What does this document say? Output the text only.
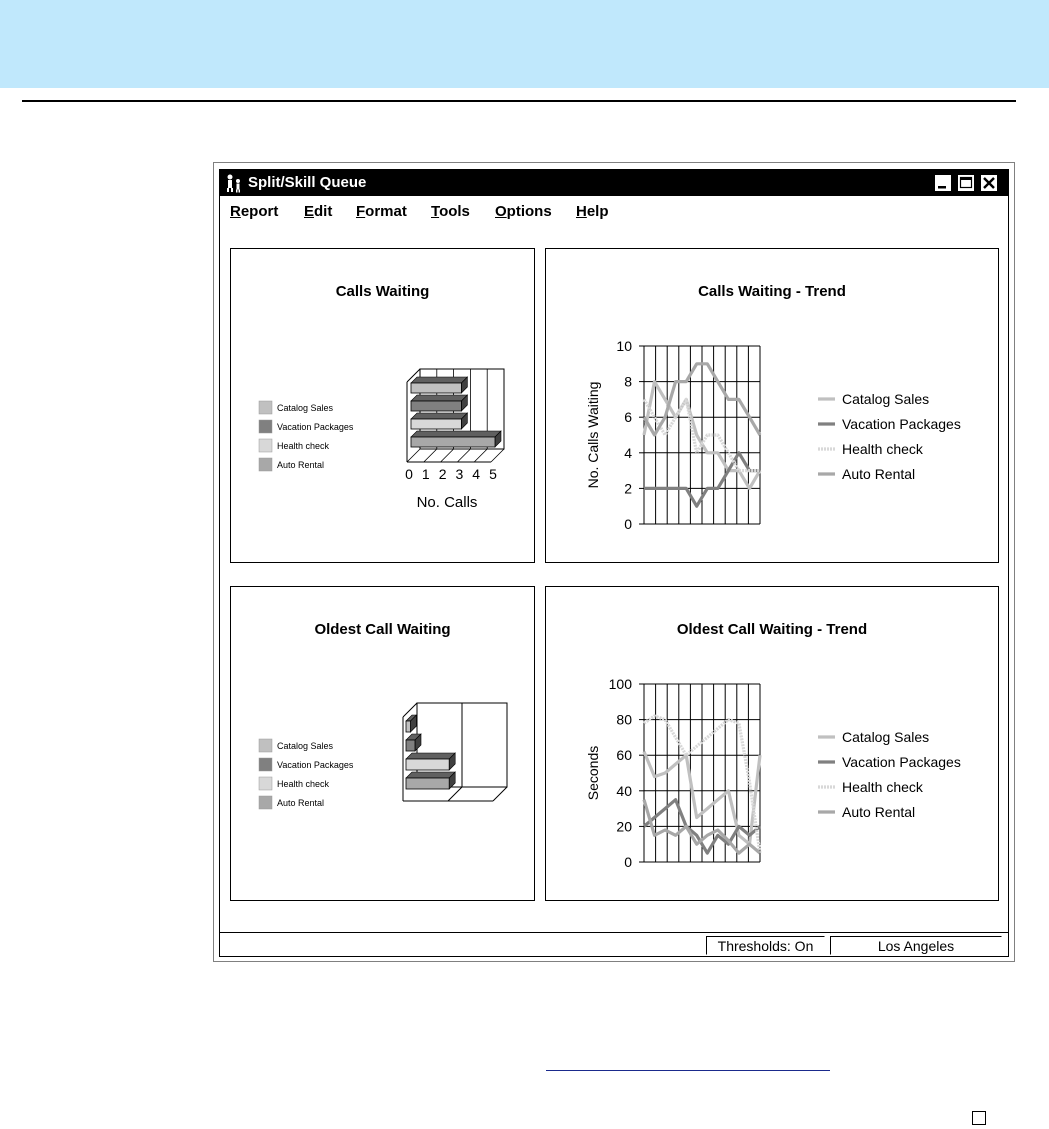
Split/Skill Queue
Report Edit Format Tools Options Help
Calls Waiting
Catalog Sales
Vacation Packages
Health check
Auto Rental
0 1 2 3 4 5
No. Calls
Calls Waiting - Trend
10
8
6
4
2
0
No. Calls Waiting	Catalog Sales
Vacation Packages
Health check
Auto Rental
Oldest Call Waiting
Catalog Sales
Vacation Packages
Health check
Auto Rental
Oldest Call Waiting - Trend
100
80
60
40
20
0
Seconds
Catalog Sales
Vacation Packages
Health check
Auto Rental
Thresholds: On	Los Angeles
